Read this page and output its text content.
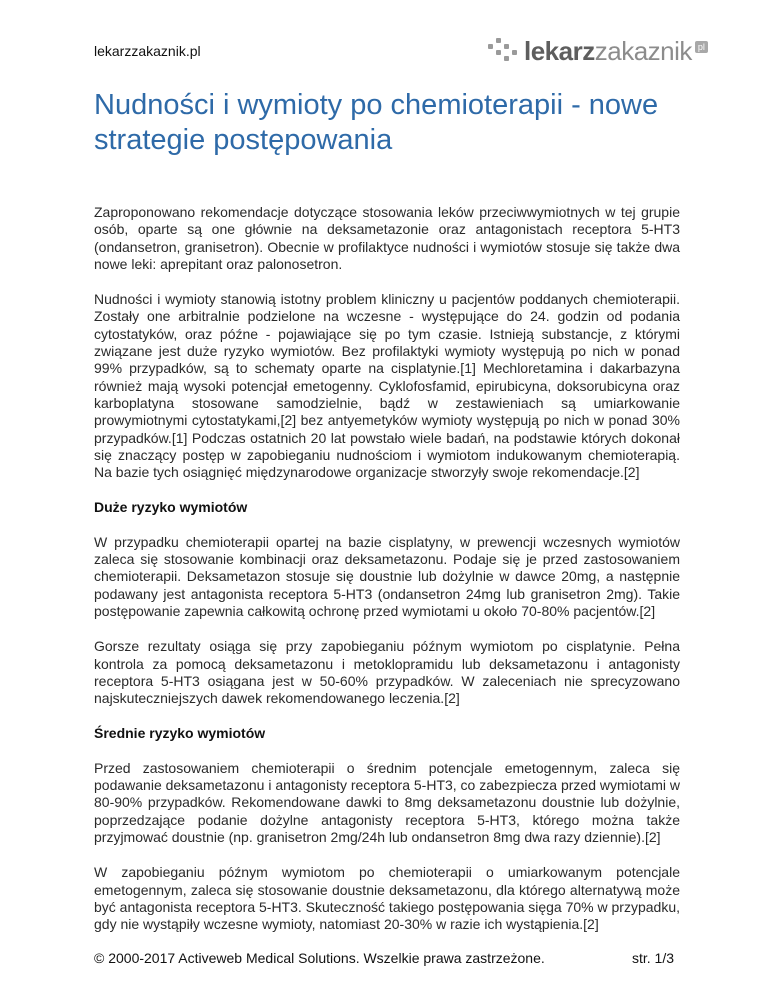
lekarzzakaznik.pl	lekarzzakaznik pl
Nudności i wymioty po chemioterapii - nowe strategie postępowania

Zaproponowano rekomendacje dotyczące stosowania leków przeciwwymiotnych w tej grupie osób, oparte są one głównie na deksametazonie oraz antagonistach receptora 5-HT3 (ondansetron, granisetron). Obecnie w profilaktyce nudności i wymiotów stosuje się także dwa nowe leki: aprepitant oraz palonosetron.

Nudności i wymioty stanowią istotny problem kliniczny u pacjentów poddanych chemioterapii. Zostały one arbitralnie podzielone na wczesne - występujące do 24. godzin od podania cytostatyków, oraz późne - pojawiające się po tym czasie. Istnieją substancje, z którymi związane jest duże ryzyko wymiotów. Bez profilaktyki wymioty występują po nich w ponad 99% przypadków, są to schematy oparte na cisplatynie.[1] Mechloretamina i dakarbazyna również mają wysoki potencjał emetogenny. Cyklofosfamid, epirubicyna, doksorubicyna oraz karboplatyna stosowane samodzielnie, bądź w zestawieniach są umiarkowanie prowymiotnymi cytostatykami,[2] bez antyemetyków wymioty występują po nich w ponad 30% przypadków.[1] Podczas ostatnich 20 lat powstało wiele badań, na podstawie których dokonał się znaczący postęp w zapobieganiu nudnościom i wymiotom indukowanym chemioterapią. Na bazie tych osiągnięć międzynarodowe organizacje stworzyły swoje rekomendacje.[2]

Duże ryzyko wymiotów

W przypadku chemioterapii opartej na bazie cisplatyny, w prewencji wczesnych wymiotów zaleca się stosowanie kombinacji oraz deksametazonu. Podaje się je przed zastosowaniem chemioterapii. Deksametazon stosuje się doustnie lub dożylnie w dawce 20mg, a następnie podawany jest antagonista receptora 5-HT3 (ondansetron 24mg lub granisetron 2mg). Takie postępowanie zapewnia całkowitą ochronę przed wymiotami u około 70-80% pacjentów.[2]

Gorsze rezultaty osiąga się przy zapobieganiu późnym wymiotom po cisplatynie. Pełna kontrola za pomocą deksametazonu i metoklopramidu lub deksametazonu i antagonisty receptora 5-HT3 osiągana jest w 50-60% przypadków. W zaleceniach nie sprecyzowano najskuteczniejszych dawek rekomendowanego leczenia.[2]

Średnie ryzyko wymiotów

Przed zastosowaniem chemioterapii o średnim potencjale emetogennym, zaleca się podawanie deksametazonu i antagonisty receptora 5-HT3, co zabezpiecza przed wymiotami w 80-90% przypadków. Rekomendowane dawki to 8mg deksametazonu doustnie lub dożylnie, poprzedzające podanie dożylne antagonisty receptora 5-HT3, którego można także przyjmować doustnie (np. granisetron 2mg/24h lub ondansetron 8mg dwa razy dziennie).[2]

W zapobieganiu późnym wymiotom po chemioterapii o umiarkowanym potencjale emetogennym, zaleca się stosowanie doustnie deksametazonu, dla którego alternatywą może być antagonista receptora 5-HT3. Skuteczność takiego postępowania sięga 70% w przypadku, gdy nie wystąpiły wczesne wymioty, natomiast 20-30% w razie ich wystąpienia.[2]

© 2000-2017 Activeweb Medical Solutions. Wszelkie prawa zastrzeżone.	str. 1/3
